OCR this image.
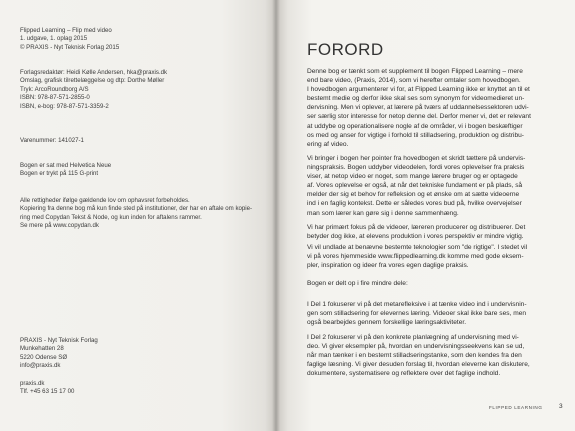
Flipped Learning – Flip med video
1. udgave, 1. oplag 2015
© PRAXIS - Nyt Teknisk Forlag 2015
Forlagsredaktør: Heidi Kølle Andersen, hka@praxis.dk
Omslag, grafisk tilrettelæggelse og dtp: Dorthe Møller
Tryk: ArcoRoundborg A/S
ISBN: 978-87-571-2855-0
ISBN, e-bog: 978-87-571-3359-2
Varenummer: 141027-1
Bogen er sat med Helvetica Neue
Bogen er trykt på 115 G-print
Alle rettigheder ifølge gældende lov om ophavsret forbeholdes.
Kopiering fra denne bog må kun finde sted på institutioner, der har en aftale om kopie-
ring med Copydan Tekst & Node, og kun inden for aftalens rammer.
Se mere på www.copydan.dk
PRAXIS - Nyt Teknisk Forlag
Munkehatten 28
5220 Odense SØ
info@praxis.dk
praxis.dk
Tlf. +45 63 15 17 00
FORORD
Denne bog er tænkt som et supplement til bogen Flipped Learning – mere
end bare video, (Praxis, 2014), som vi herefter omtaler som hovedbogen.
I hovedbogen argumenterer vi for, at Flipped Learning ikke er knyttet an til et
bestemt medie og derfor ikke skal ses som synonym for videomedieret un-
dervisning. Men vi oplever, at lærere på tværs af uddannelsessektoren udvi-
ser særlig stor interesse for netop denne del. Derfor mener vi, det er relevant
at uddybe og operationalisere nogle af de områder, vi i bogen beskæftiger
os med og anser for vigtige i forhold til stilladsering, produktion og distribu-
ering af video.
Vi bringer i bogen her pointer fra hovedbogen et skridt tættere på undervis-
ningspraksis. Bogen uddyber videodelen, fordi vores oplevelser fra praksis
viser, at netop video er noget, som mange lærere bruger og er optagede
af. Vores oplevelse er også, at når det tekniske fundament er på plads, så
melder der sig et behov for refleksion og et ønske om at sætte videoerne
ind i en faglig kontekst. Dette er således vores bud på, hvilke overvejelser
man som lærer kan gøre sig i denne sammenhæng.
Vi har primært fokus på de videoer, læreren producerer og distribuerer. Det
betyder dog ikke, at elevens produktion i vores perspektiv er mindre vigtig.
Vi vil undlade at benævne bestemte teknologier som "de rigtige". I stedet vil
vi på vores hjemmeside www.flippedlearning.dk komme med gode eksem-
pler, inspiration og ideer fra vores egen daglige praksis.
Bogen er delt op i fire mindre dele:
I Del 1 fokuserer vi på det metarefleksive i at tænke video ind i undervisnin-
gen som stilladsering for elevernes læring. Videoer skal ikke bare ses, men
også bearbejdes gennem forskellige læringsaktiviteter.
I Del 2 fokuserer vi på den konkrete planlægning af undervisning med vi-
deo. Vi giver eksempler på, hvordan en undervisningsseekvens kan se ud,
når man tænker i en bestemt stilladseringstanke, som den kendes fra den
faglige læsning. Vi giver desuden forslag til, hvordan eleverne kan diskutere,
dokumentere, systematisere og reflektere over det faglige indhold.
FLIPPED LEARNING	3
